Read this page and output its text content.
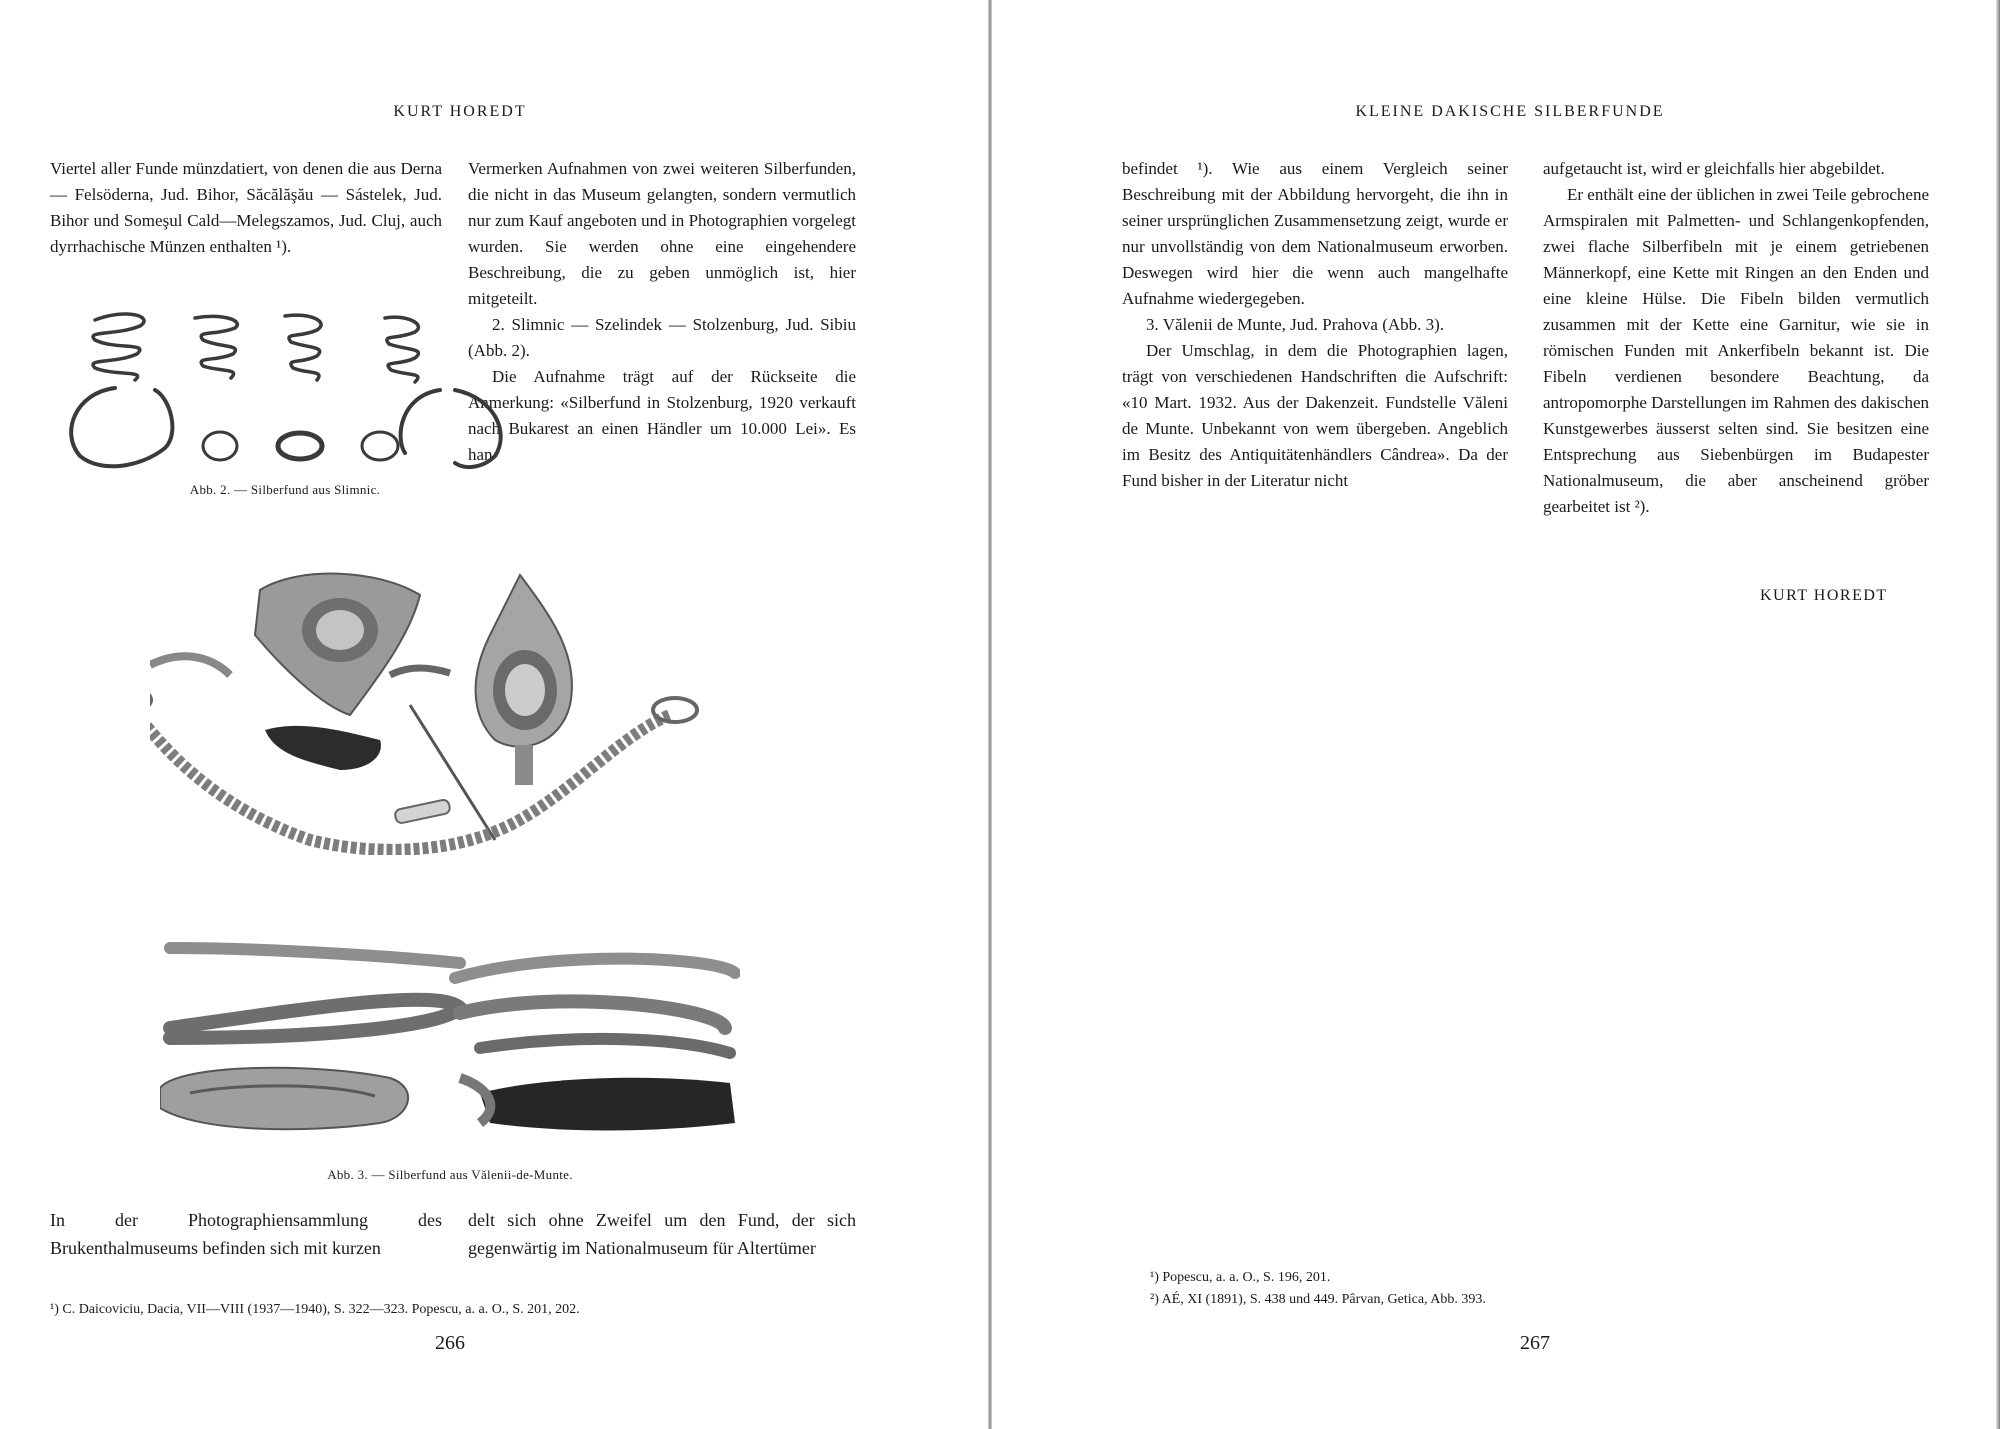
KURT HOREDT

Viertel aller Funde münzdatiert, von denen die aus Derna — Felsöderna, Jud. Bihor, Săcălăşău — Sástelek, Jud. Bihor und Someşul Cald—Melegszamos, Jud. Cluj, auch dyrrhachische Münzen enthalten ¹).

Vermerken Aufnahmen von zwei weiteren Silberfunden, die nicht in das Museum gelangten, sondern vermutlich nur zum Kauf angeboten und in Photographien vorgelegt wurden. Sie werden ohne eine eingehendere Beschreibung, die zu geben unmöglich ist, hier mitgeteilt.

2. Slimnic — Szelindek — Stolzenburg, Jud. Sibiu (Abb. 2).

Die Aufnahme trägt auf der Rückseite die Anmerkung: «Silberfund in Stolzenburg, 1920 verkauft nach Bukarest an einen Händler um 10.000 Lei». Es han-

Abb. 2. — Silberfund aus Slimnic.
Abb. 3. — Silberfund aus Vălenii-de-Munte.

In der Photographiensammlung des Brukenthalmuseums befinden sich mit kurzen

delt sich ohne Zweifel um den Fund, der sich gegenwärtig im Nationalmuseum für Altertümer

¹) C. Daicoviciu, Dacia, VII—VIII (1937—1940), S. 322—323. Popescu, a. a. O., S. 201, 202.

266
KLEINE DAKISCHE SILBERFUNDE

befindet ¹). Wie aus einem Vergleich seiner Beschreibung mit der Abbildung hervorgeht, die ihn in seiner ursprünglichen Zusammensetzung zeigt, wurde er nur unvollständig von dem Nationalmuseum erworben. Deswegen wird hier die wenn auch mangelhafte Aufnahme wiedergegeben.

3. Vălenii de Munte, Jud. Prahova (Abb. 3).

Der Umschlag, in dem die Photographien lagen, trägt von verschiedenen Handschriften die Aufschrift: «10 Mart. 1932. Aus der Dakenzeit. Fundstelle Văleni de Munte. Unbekannt von wem übergeben. Angeblich im Besitz des Antiquitätenhändlers Cândrea». Da der Fund bisher in der Literatur nicht

aufgetaucht ist, wird er gleichfalls hier abgebildet.

Er enthält eine der üblichen in zwei Teile gebrochene Armspiralen mit Palmetten- und Schlangenkopfenden, zwei flache Silberfibeln mit je einem getriebenen Männerkopf, eine Kette mit Ringen an den Enden und eine kleine Hülse. Die Fibeln bilden vermutlich zusammen mit der Kette eine Garnitur, wie sie in römischen Funden mit Ankerfibeln bekannt ist. Die Fibeln verdienen besondere Beachtung, da antropomorphe Darstellungen im Rahmen des dakischen Kunstgewerbes äusserst selten sind. Sie besitzen eine Entsprechung aus Siebenbürgen im Budapester Nationalmuseum, die aber anscheinend gröber gearbeitet ist ²).

KURT HOREDT

¹) Popescu, a. a. O., S. 196, 201.

²) AÉ, XI (1891), S. 438 und 449. Pârvan, Getica, Abb. 393.

267
